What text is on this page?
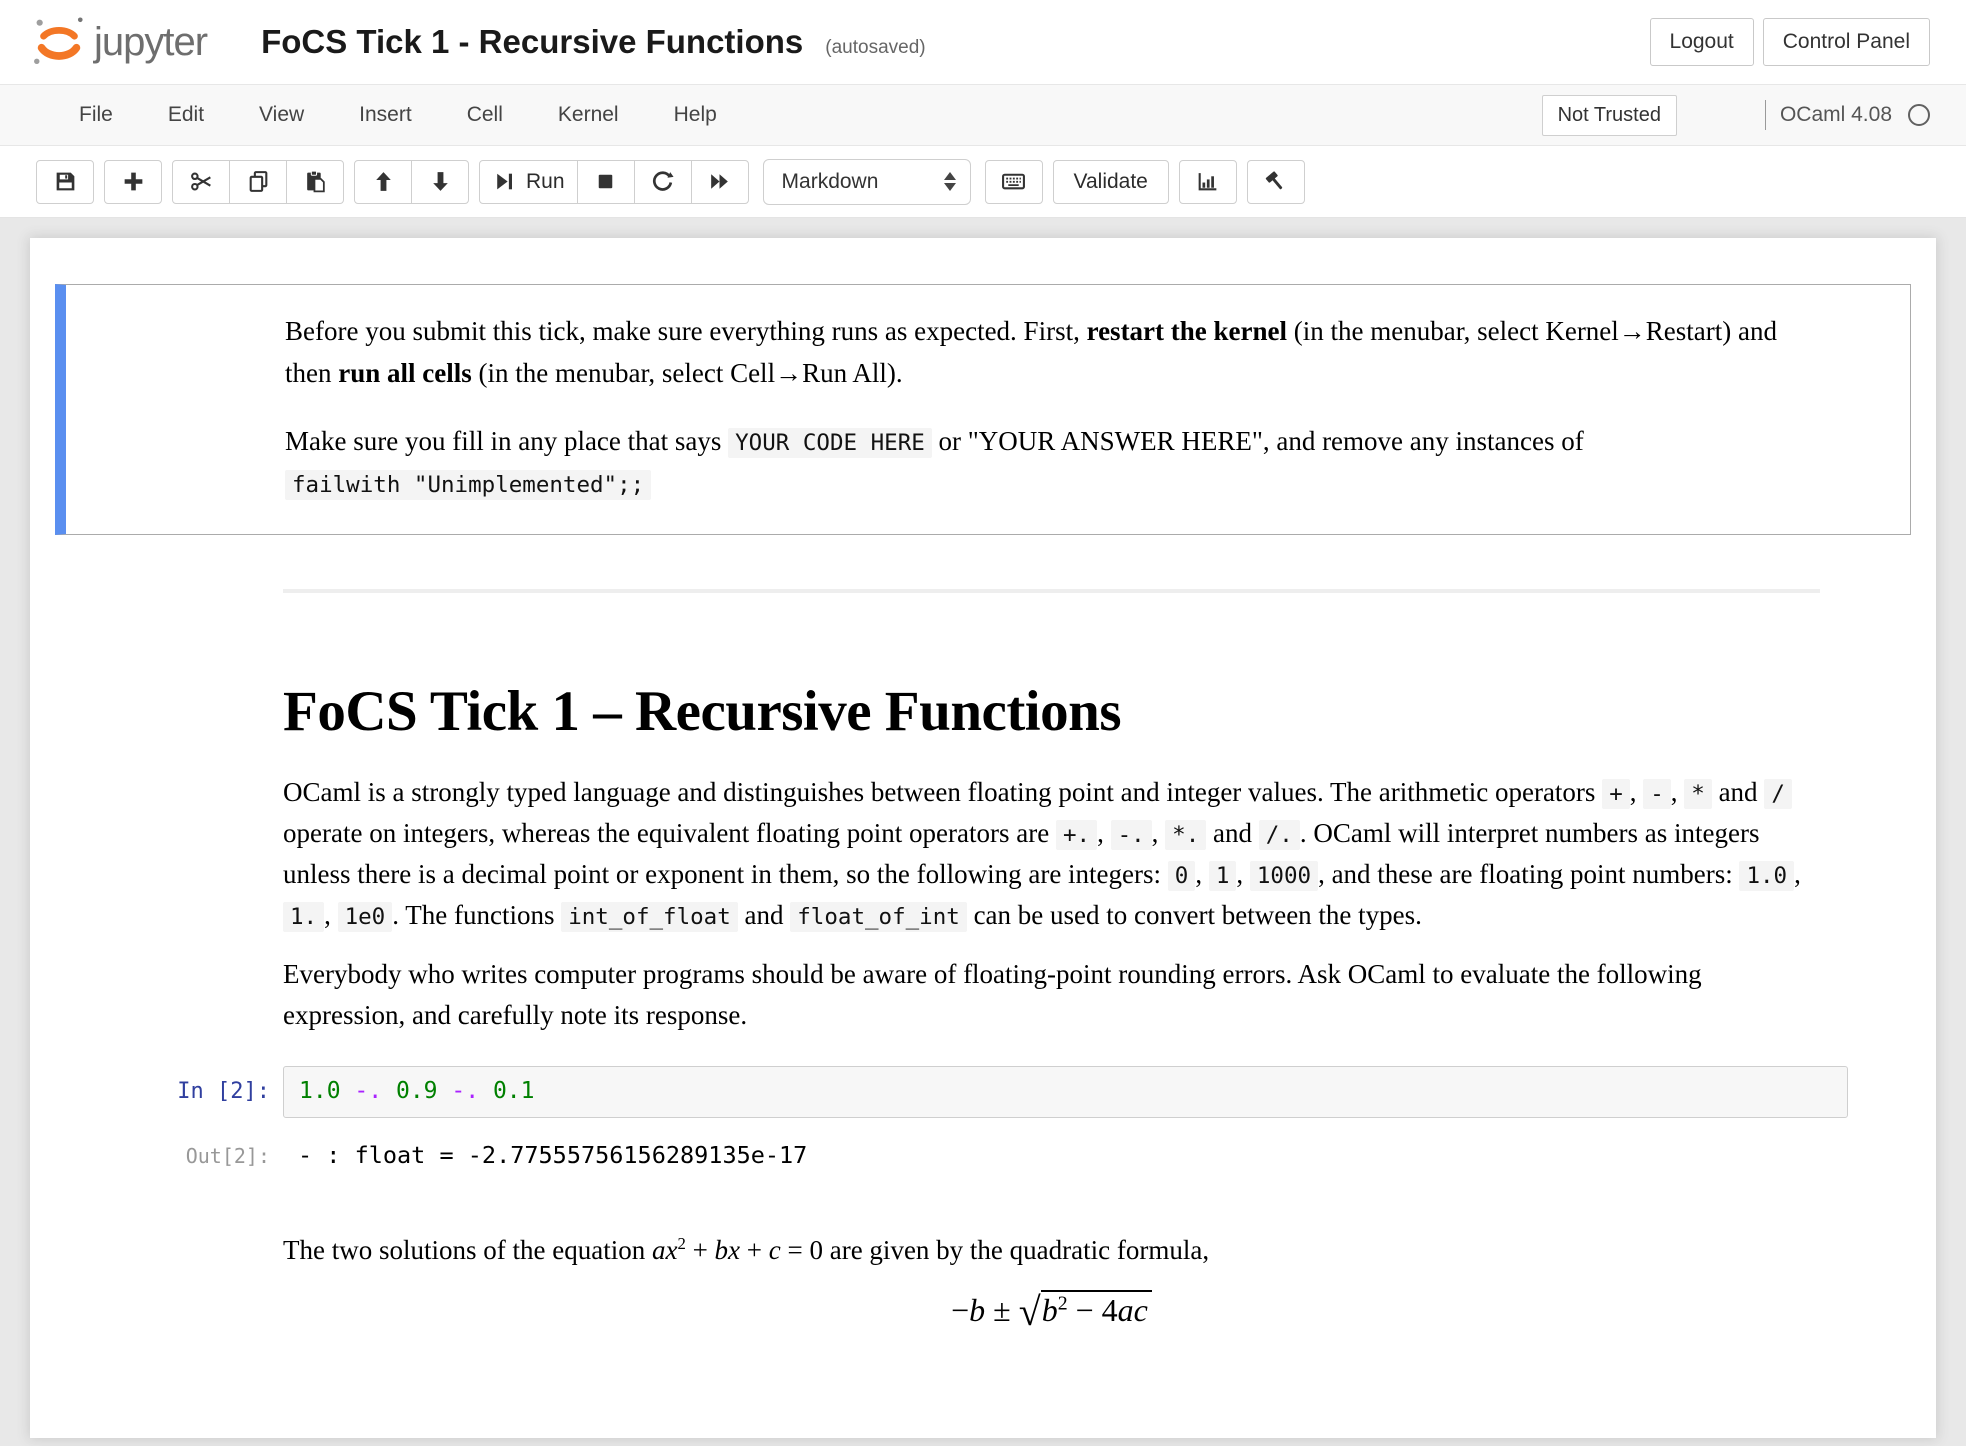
jupyter FoCS Tick 1 - Recursive Functions (autosaved)	Logout	Control Panel
File	Edit	View	Insert	Cell	Kernel	Help	Not Trusted	OCaml 4.08
Run	Markdown	Validate

Before you submit this tick, make sure everything runs as expected. First, restart the kernel (in the menubar, select Kernel→Restart) and then run all cells (in the menubar, select Cell→Run All).

Make sure you fill in any place that says YOUR CODE HERE or "YOUR ANSWER HERE", and remove any instances of failwith "Unimplemented";;

FoCS Tick 1 – Recursive Functions

OCaml is a strongly typed language and distinguishes between floating point and integer values. The arithmetic operators + , - , * and / operate on integers, whereas the equivalent floating point operators are +. , -. , *. and /. . OCaml will interpret numbers as integers unless there is a decimal point or exponent in them, so the following are integers: 0 , 1 , 1000 , and these are floating point numbers: 1.0 , 1. , 1e0 . The functions int_of_float and float_of_int can be used to convert between the types.

Everybody who writes computer programs should be aware of floating-point rounding errors. Ask OCaml to evaluate the following expression, and carefully note its response.

In [2]:	1.0 -. 0.9 -. 0.1
Out[2]:	- : float = -2.77555756156289135e-17

The two solutions of the equation $ax^2$ + bx + c = 0 are given by the quadratic formula,

$-b \pm √b^2 - 4ac$
